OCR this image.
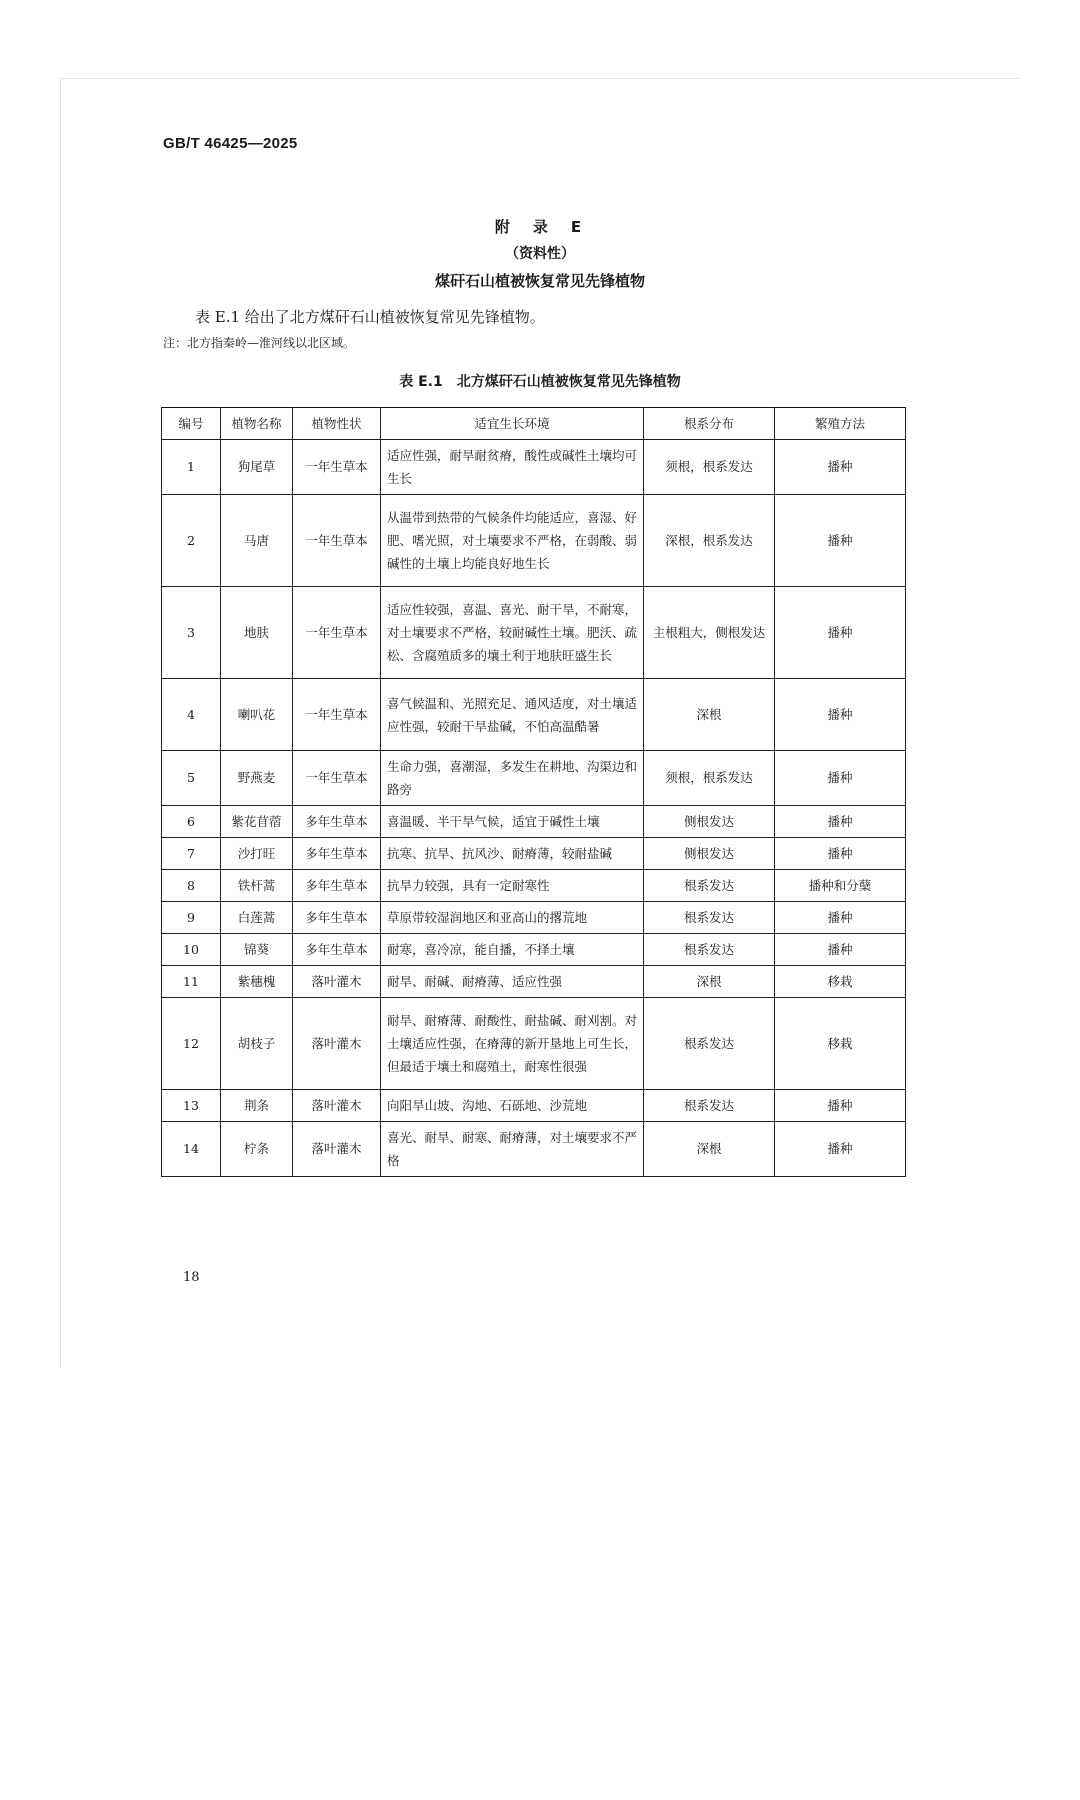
GB/T 46425—2025
附　录　E
（资料性）
煤矸石山植被恢复常见先锋植物
表 E.1 给出了北方煤矸石山植被恢复常见先锋植物。
注：北方指秦岭—淮河线以北区域。
表 E.1　北方煤矸石山植被恢复常见先锋植物
编号	植物名称	植物性状	适宜生长环境	根系分布	繁殖方法
1	狗尾草	一年生草本	适应性强，耐旱耐贫瘠，酸性或碱性土壤均可生长	须根，根系发达	播种
2	马唐	一年生草本	从温带到热带的气候条件均能适应，喜湿、好肥、嗜光照，对土壤要求不严格，在弱酸、弱碱性的土壤上均能良好地生长	深根，根系发达	播种
3	地肤	一年生草本	适应性较强，喜温、喜光、耐干旱，不耐寒，对土壤要求不严格，较耐碱性土壤。肥沃、疏松、含腐殖质多的壤土利于地肤旺盛生长	主根粗大，侧根发达	播种
4	喇叭花	一年生草本	喜气候温和、光照充足、通风适度，对土壤适应性强，较耐干旱盐碱，不怕高温酷暑	深根	播种
5	野燕麦	一年生草本	生命力强，喜潮湿，多发生在耕地、沟渠边和路旁	须根，根系发达	播种
6	紫花苜蓿	多年生草本	喜温暖、半干旱气候，适宜于碱性土壤	侧根发达	播种
7	沙打旺	多年生草本	抗寒、抗旱、抗风沙、耐瘠薄，较耐盐碱	侧根发达	播种
8	铁杆蒿	多年生草本	抗旱力较强，具有一定耐寒性	根系发达	播种和分蘖
9	白莲蒿	多年生草本	草原带较湿润地区和亚高山的撂荒地	根系发达	播种
10	锦葵	多年生草本	耐寒，喜冷凉，能自播，不择土壤	根系发达	播种
11	紫穗槐	落叶灌木	耐旱、耐碱、耐瘠薄、适应性强	深根	移栽
12	胡枝子	落叶灌木	耐旱、耐瘠薄、耐酸性、耐盐碱、耐刈割。对土壤适应性强，在瘠薄的新开垦地上可生长，但最适于壤土和腐殖土，耐寒性很强	根系发达	移栽
13	荆条	落叶灌木	向阳旱山坡、沟地、石砾地、沙荒地	根系发达	播种
14	柠条	落叶灌木	喜光、耐旱、耐寒、耐瘠薄，对土壤要求不严格	深根	播种
18
